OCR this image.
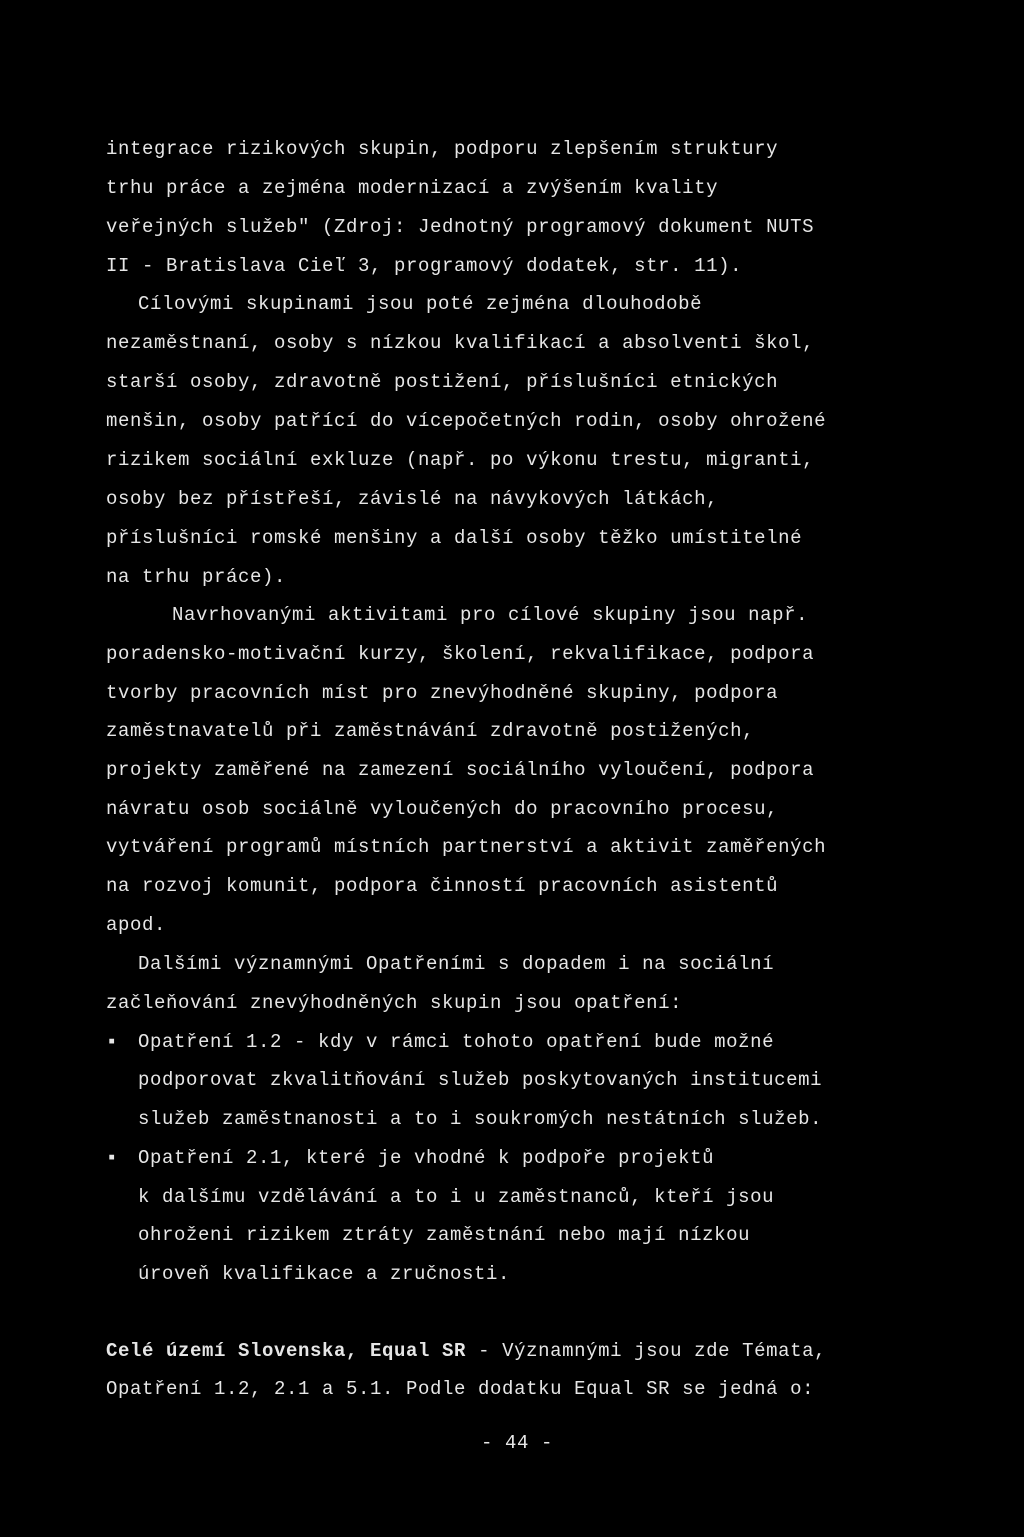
integrace rizikových skupin, podporu zlepšením struktury
trhu práce a zejména modernizací a zvýšením kvality
veřejných služeb" (Zdroj: Jednotný programový dokument NUTS
II - Bratislava Cieľ 3, programový dodatek, str. 11).
Cílovými skupinami jsou poté zejména dlouhodobě
nezaměstnaní, osoby s nízkou kvalifikací a absolventi škol,
starší osoby, zdravotně postižení, příslušníci etnických
menšin, osoby patřící do vícepočetných rodin, osoby ohrožené
rizikem sociální exkluze (např. po výkonu trestu, migranti,
osoby bez přístřeší, závislé na návykových látkách,
příslušníci romské menšiny a další osoby těžko umístitelné
na trhu práce).
Navrhovanými aktivitami pro cílové skupiny jsou např.
poradensko-motivační kurzy, školení, rekvalifikace, podpora
tvorby pracovních míst pro znevýhodněné skupiny, podpora
zaměstnavatelů při zaměstnávání zdravotně postižených,
projekty zaměřené na zamezení sociálního vyloučení, podpora
návratu osob sociálně vyloučených do pracovního procesu,
vytváření programů místních partnerství a aktivit zaměřených
na rozvoj komunit, podpora činností pracovních asistentů
apod.
Dalšími významnými Opatřeními s dopadem i na sociální
začleňování znevýhodněných skupin jsou opatření:
▪ Opatření 1.2 - kdy v rámci tohoto opatření bude možné
podporovat zkvalitňování služeb poskytovaných institucemi
služeb zaměstnanosti a to i soukromých nestátních služeb.
▪ Opatření 2.1, které je vhodné k podpoře projektů
k dalšímu vzdělávání a to i u zaměstnanců, kteří jsou
ohroženi rizikem ztráty zaměstnání nebo mají nízkou
úroveň kvalifikace a zručnosti.
Celé území Slovenska, Equal SR - Významnými jsou zde Témata,
Opatření 1.2, 2.1 a 5.1. Podle dodatku Equal SR se jedná o:
- 44 -
